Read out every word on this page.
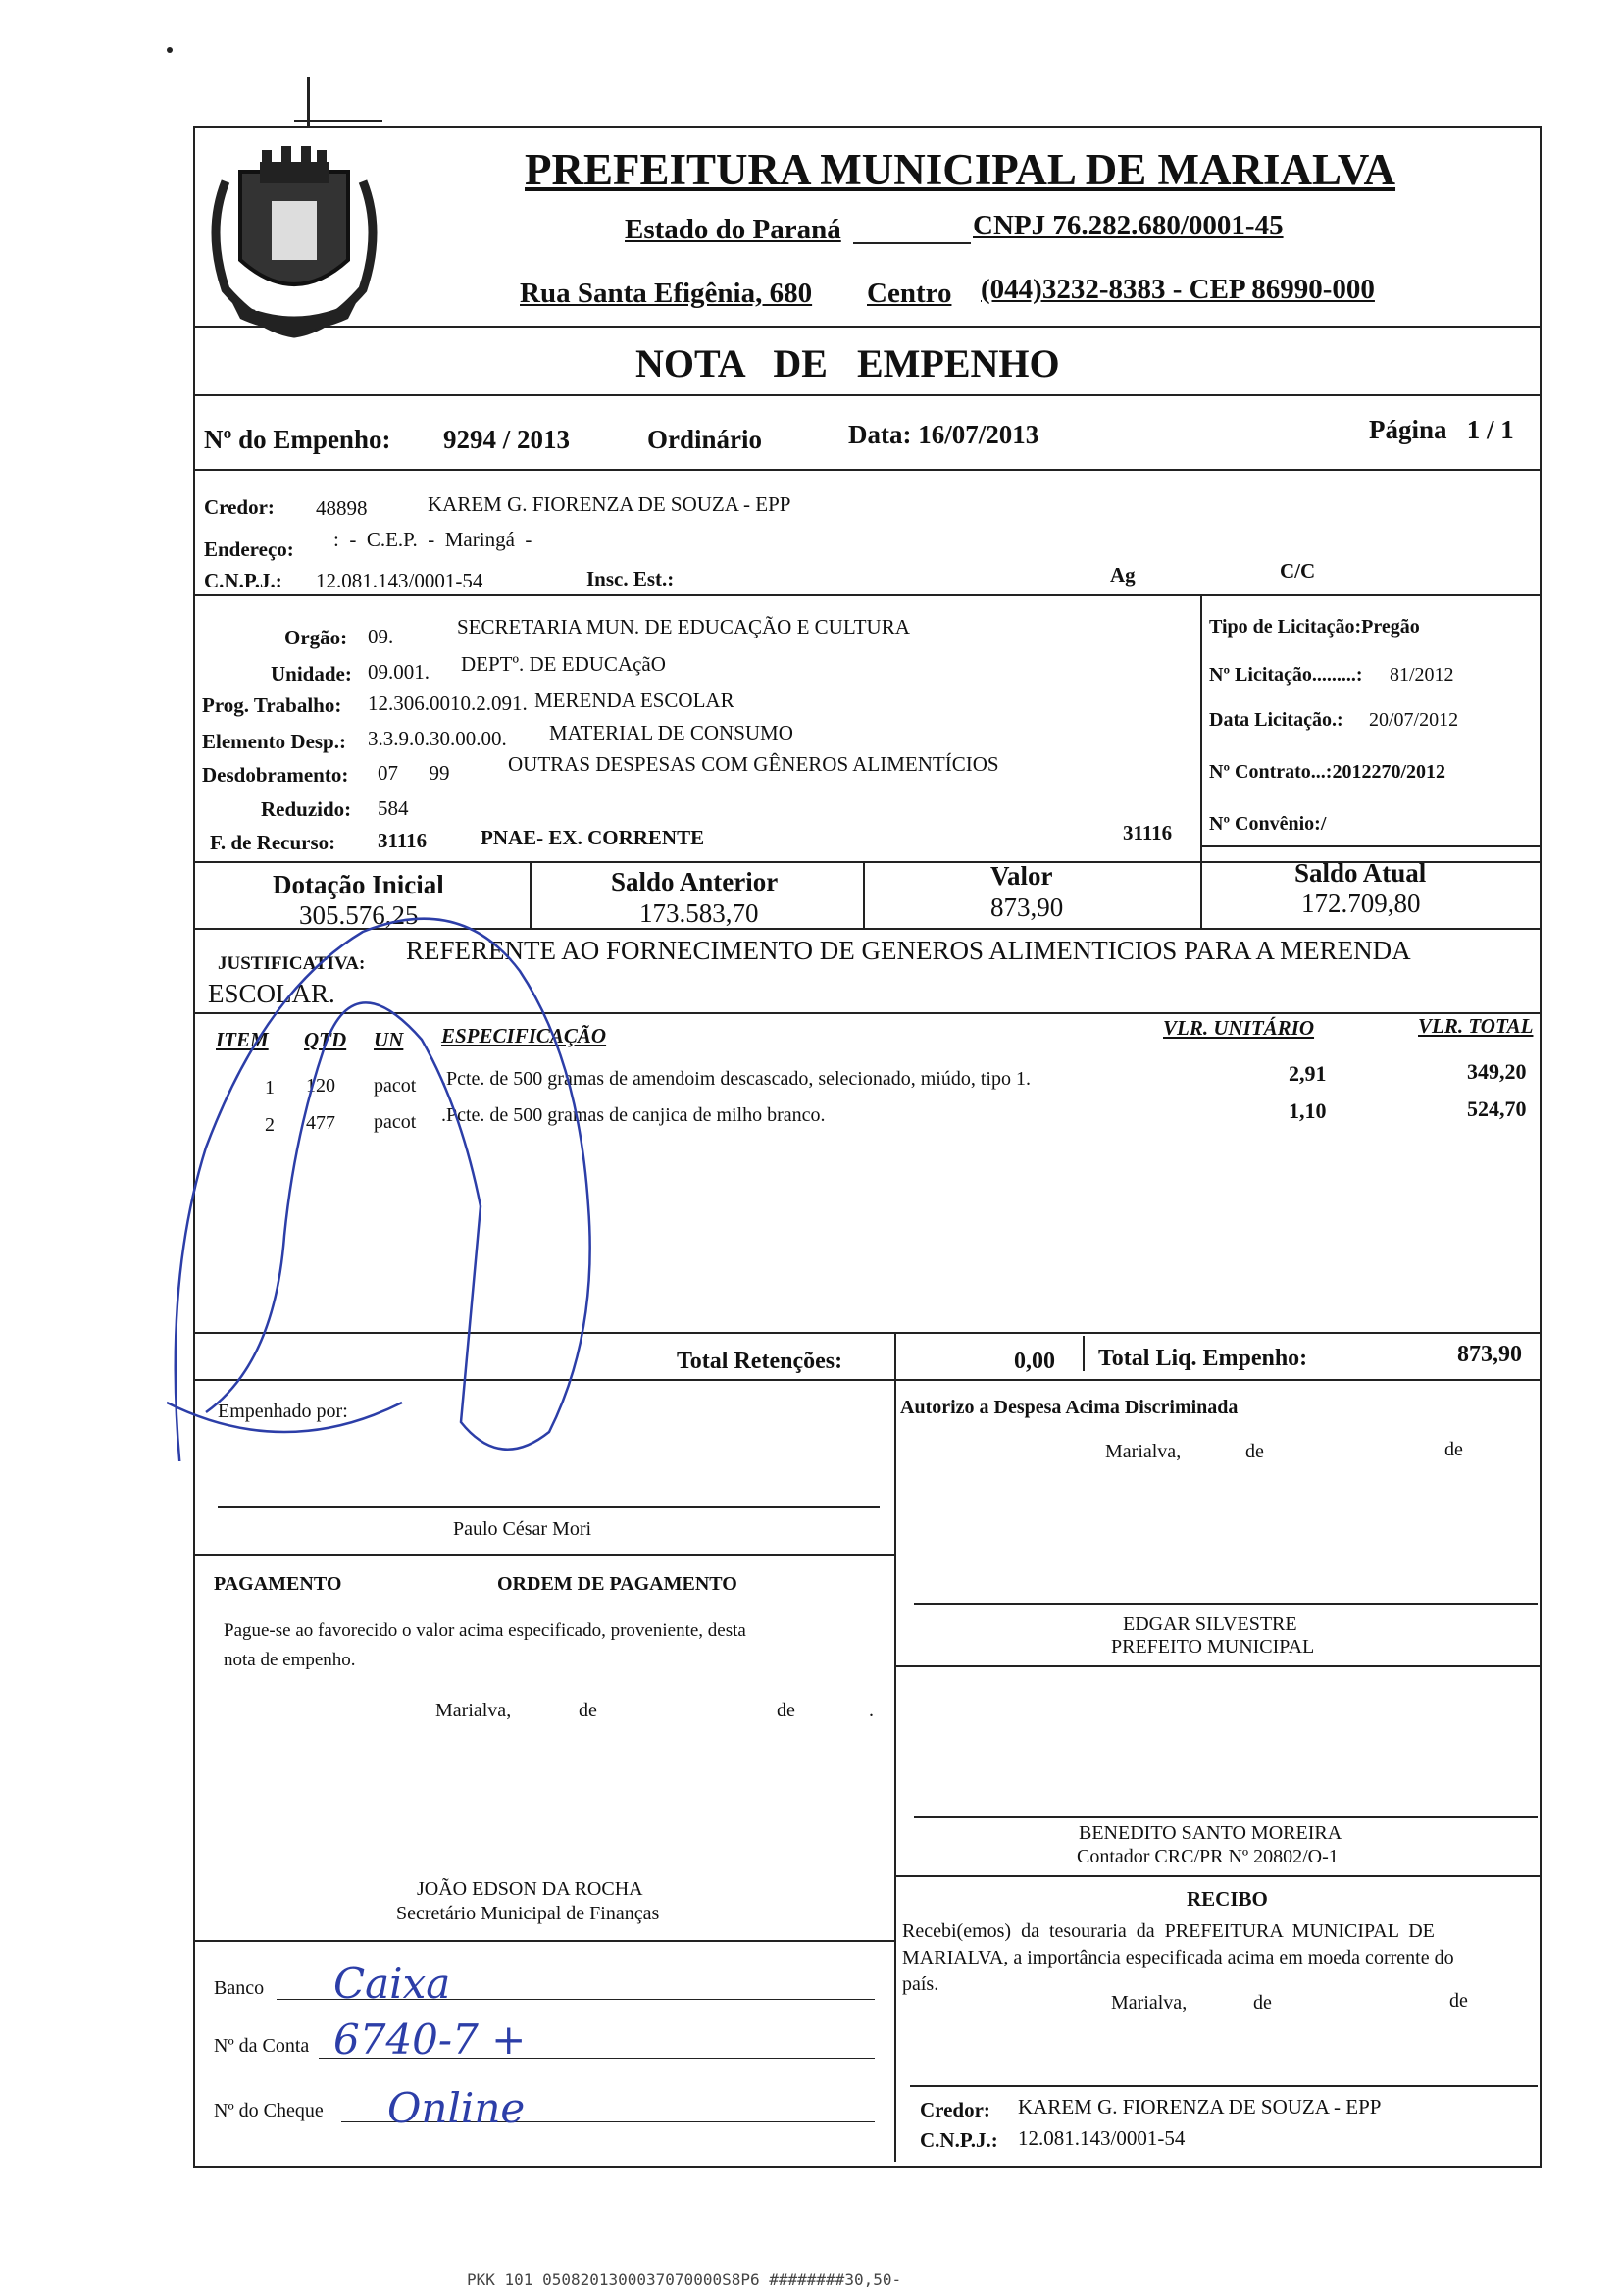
MARIALVA
PREFEITURA MUNICIPAL DE MARIALVA
Estado do Paraná	CNPJ 76.282.680/0001-45
Rua Santa Efigênia, 680 Centro (044)3232-8383 - CEP 86990-000
NOTA   DE   EMPENHO
Nº do Empenho: 9294 / 2013	Ordinário	Data: 16/07/2013	Página   1 / 1
Credor: 48898	KAREM G. FIORENZA DE SOUZA - EPP
Endereço: :  -  C.E.P.  -  Maringá  -
C.N.P.J.: 12.081.143/0001-54	Insc. Est.:	Ag	C/C
Orgão: 09.	SECRETARIA MUN. DE EDUCAÇÃO E CULTURA
Unidade: 09.001. DEPTº. DE EDUCAçãO
Prog. Trabalho: 12.306.0010.2.091. MERENDA ESCOLAR
Elemento Desp.: 3.3.9.0.30.00.00. MATERIAL DE CONSUMO
Desdobramento: 07      99	OUTRAS DESPESAS COM GÊNEROS ALIMENTÍCIOS
Reduzido: 584
F. de Recurso: 31116	PNAE- EX. CORRENTE	31116
Tipo de Licitação:Pregão
Nº Licitação.........: 81/2012
Data Licitação.: 20/07/2012
Nº Contrato...:2012270/2012
Nº Convênio:/
Dotação Inicial
305.576,25
Saldo Anterior
173.583,70
Valor
873,90
Saldo Atual
172.709,80
JUSTIFICATIVA: REFERENTE AO FORNECIMENTO DE GENEROS ALIMENTICIOS PARA A MERENDA
ESCOLAR.
ITEM QTD UN ESPECIFICAÇÃO	VLR. UNITÁRIO	VLR. TOTAL
1 120 pacot .Pcte. de 500 gramas de amendoim descascado, selecionado, miúdo, tipo 1.	2,91	349,20
2 477 pacot .Pcte. de 500 gramas de canjica de milho branco.	1,10	524,70
Total Retenções:	0,00 Total Liq. Empenho:	873,90
Empenhado por:
Paulo César Mori
Autorizo a Despesa Acima Discriminada
Marialva,	de	de
EDGAR SILVESTRE
PREFEITO MUNICIPAL
PAGAMENTO	ORDEM DE PAGAMENTO
Pague-se ao favorecido o valor acima especificado, proveniente, desta
nota de empenho.
Marialva,	de	de	.
BENEDITO SANTO MOREIRA
Contador CRC/PR Nº 20802/O-1
JOÃO EDSON DA ROCHA
Secretário Municipal de Finanças
RECIBO
Recebi(emos)  da  tesouraria  da  PREFEITURA  MUNICIPAL  DE
MARIALVA, a importância especificada acima em moeda corrente do
país.
Marialva,	de	de
Credor: KAREM G. FIORENZA DE SOUZA - EPP
C.N.P.J.: 12.081.143/0001-54
Banco Caixa
Nº da Conta 6740-7 +
Nº do Cheque Online
PKK 101 0508201300037070000S8P6 ########30,50-
